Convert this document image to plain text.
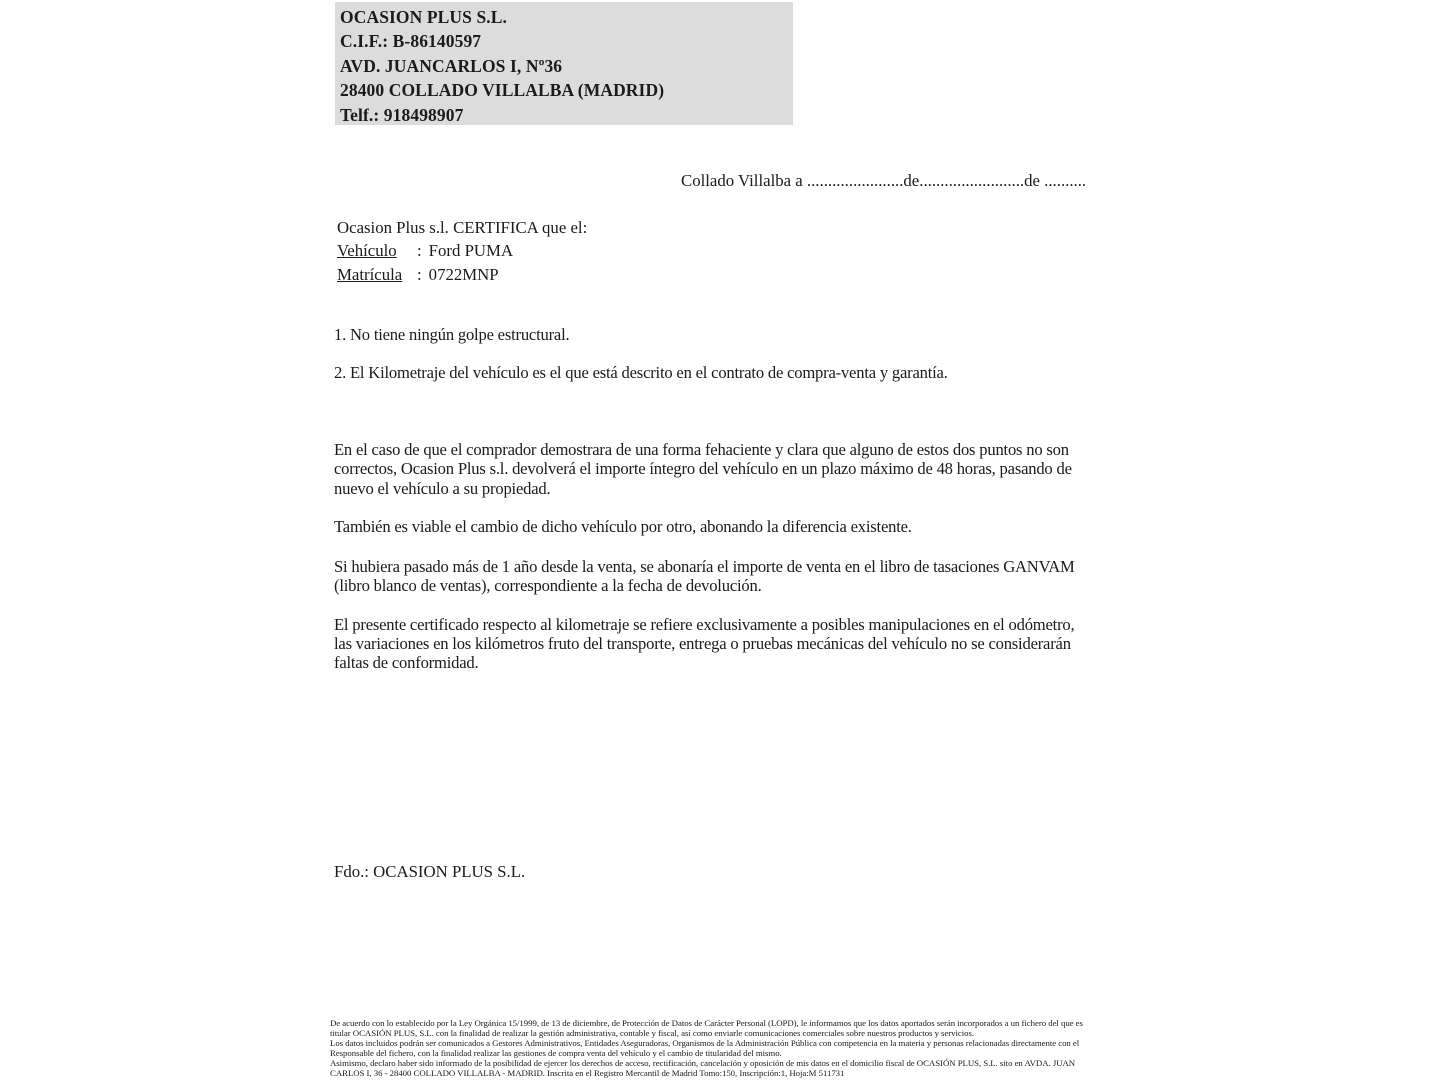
OCASION PLUS S.L.
C.I.F.: B-86140597
AVD. JUANCARLOS I, Nº36
28400 COLLADO VILLALBA (MADRID)
Telf.: 918498907
Collado Villalba a .......................de.........................de ..........
Ocasion Plus s.l. CERTIFICA que el:
Vehículo	: Ford PUMA
Matrícula : 0722MNP

1. No tiene ningún golpe estructural.

2. El Kilometraje del vehículo es el que está descrito en el contrato de compra-venta y garantía.

En el caso de que el comprador demostrara de una forma fehaciente y clara que alguno de estos dos puntos no son correctos, Ocasion Plus s.l. devolverá el importe íntegro del vehículo en un plazo máximo de 48 horas, pasando de nuevo el vehículo a su propiedad.

También es viable el cambio de dicho vehículo por otro, abonando la diferencia existente.

Si hubiera pasado más de 1 año desde la venta, se abonaría el importe de venta en el libro de tasaciones GANVAM (libro blanco de ventas), correspondiente a la fecha de devolución.

El presente certificado respecto al kilometraje se refiere exclusivamente a posibles manipulaciones en el odómetro, las variaciones en los kilómetros fruto del transporte, entrega o pruebas mecánicas del vehículo no se considerarán faltas de conformidad.

Fdo.: OCASION PLUS S.L.

De acuerdo con lo establecido por la Ley Orgánica 15/1999, de 13 de diciembre, de Protección de Datos de Carácter Personal (LOPD), le informamos que los datos aportados serán incorporados a un fichero del que es titular OCASIÓN PLUS, S.L. con la finalidad de realizar la gestión administrativa, contable y fiscal, así como enviarle comunicaciones comerciales sobre nuestros productos y servicios.

Los datos incluidos podrán ser comunicados a Gestores Administrativos, Entidades Aseguradoras, Organismos de la Administración Pública con competencia en la materia y personas relacionadas directamente con el Responsable del fichero, con la finalidad realizar las gestiones de compra venta del vehículo y el cambio de titularidad del mismo.

Asimismo, declaro haber sido informado de la posibilidad de ejercer los derechos de acceso, rectificación, cancelación y oposición de mis datos en el domicilio fiscal de OCASIÓN PLUS, S.L. sito en AVDA. JUAN CARLOS I, 36 - 28400 COLLADO VILLALBA - MADRID. Inscrita en el Registro Mercantil de Madrid Tomo:150, Inscripción:1, Hoja:M 511731
